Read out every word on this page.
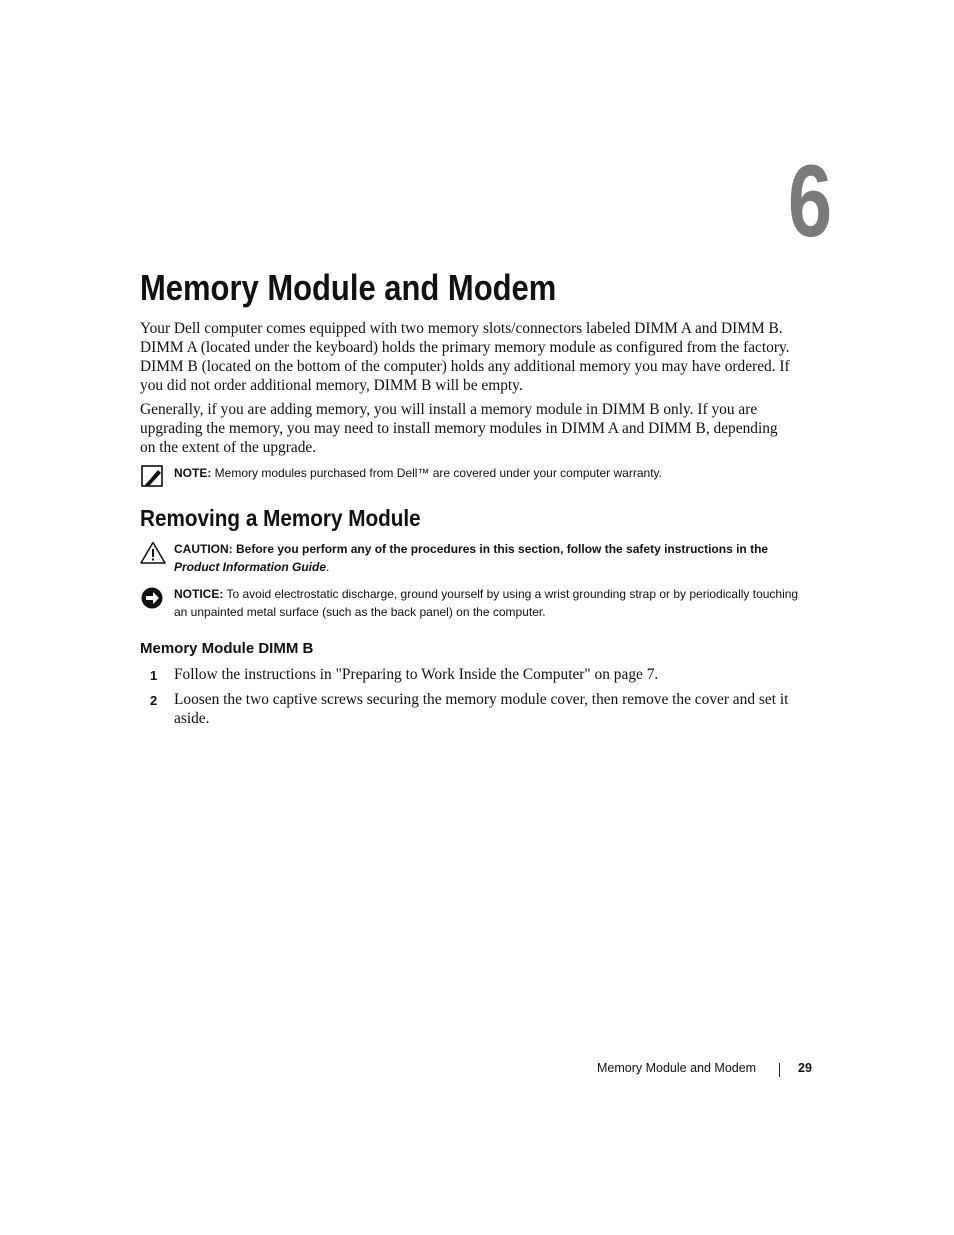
6
Memory Module and Modem

Your Dell computer comes equipped with two memory slots/connectors labeled DIMM A and DIMM B. DIMM A (located under the keyboard) holds the primary memory module as configured from the factory. DIMM B (located on the bottom of the computer) holds any additional memory you may have ordered. If you did not order additional memory, DIMM B will be empty.

Generally, if you are adding memory, you will install a memory module in DIMM B only. If you are upgrading the memory, you may need to install memory modules in DIMM A and DIMM B, depending on the extent of the upgrade.

NOTE: Memory modules purchased from Dell™ are covered under your computer warranty.
Removing a Memory Module
CAUTION: Before you perform any of the procedures in this section, follow the safety instructions in the Product Information Guide.
NOTICE: To avoid electrostatic discharge, ground yourself by using a wrist grounding strap or by periodically touching an unpainted metal surface (such as the back panel) on the computer.
Memory Module DIMM B
1 Follow the instructions in "Preparing to Work Inside the Computer" on page 7.
2 Loosen the two captive screws securing the memory module cover, then remove the cover and set it aside.
Memory Module and Modem	29
